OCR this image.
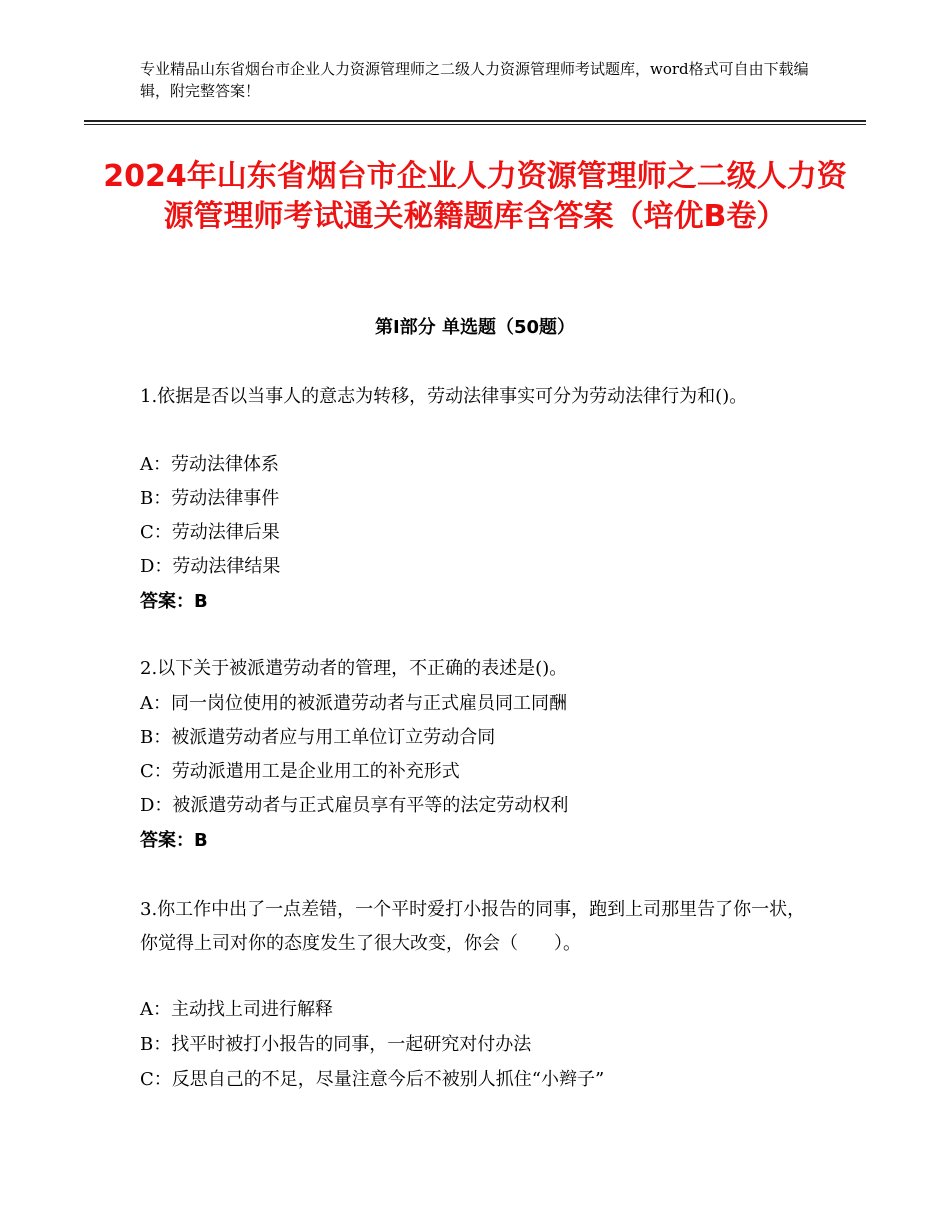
专业精品山东省烟台市企业人力资源管理师之二级人力资源管理师考试题库，word格式可自由下载编辑，附完整答案！
2024年山东省烟台市企业人力资源管理师之二级人力资源管理师考试通关秘籍题库含答案（培优B卷）
第Ⅰ部分 单选题（50题）

1.依据是否以当事人的意志为转移，劳动法律事实可分为劳动法律行为和()。

A：劳动法律体系
B：劳动法律事件
C：劳动法律后果
D：劳动法律结果
答案：B

2.以下关于被派遣劳动者的管理，不正确的表述是()。

A：同一岗位使用的被派遣劳动者与正式雇员同工同酬
B：被派遣劳动者应与用工单位订立劳动合同
C：劳动派遣用工是企业用工的补充形式
D：被派遣劳动者与正式雇员享有平等的法定劳动权利
答案：B

3.你工作中出了一点差错，一个平时爱打小报告的同事，跑到上司那里告了你一状，你觉得上司对你的态度发生了很大改变，你会（　　）。

A：主动找上司进行解释
B：找平时被打小报告的同事，一起研究对付办法
C：反思自己的不足，尽量注意今后不被别人抓住“小辫子”
